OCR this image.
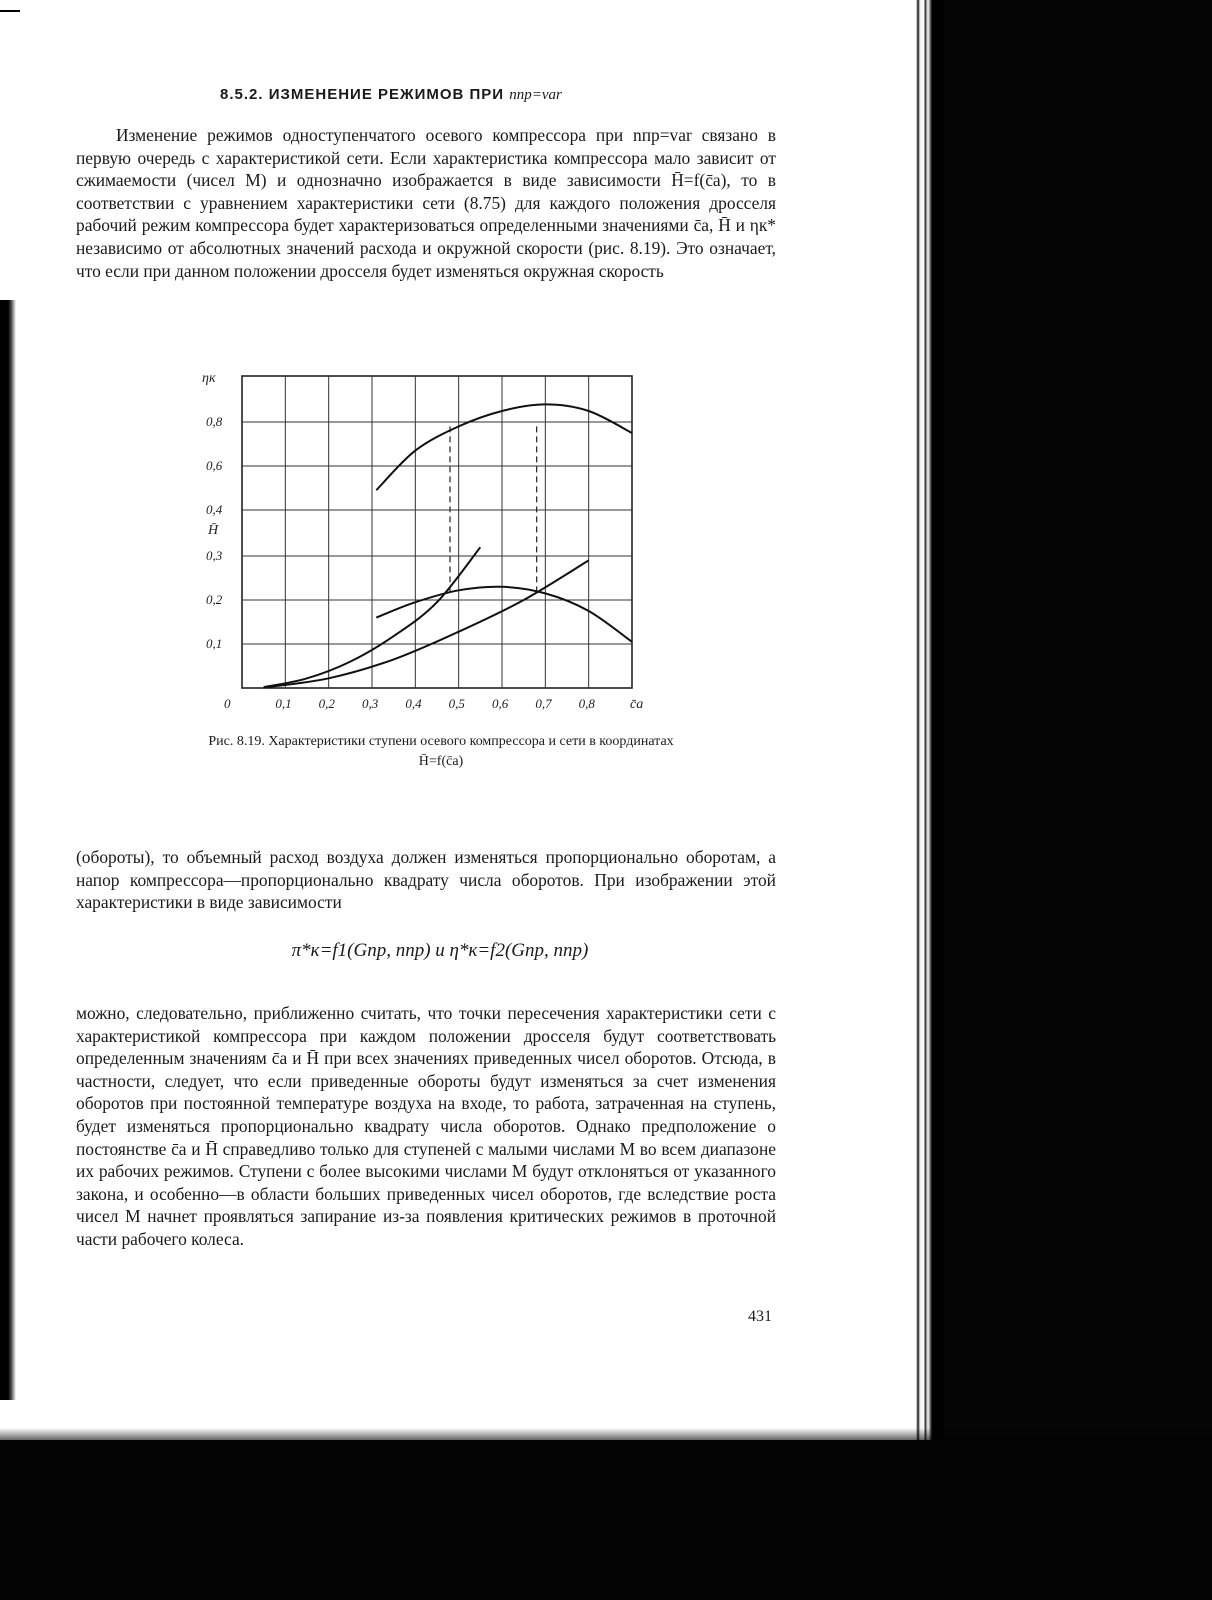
8.5.2. ИЗМЕНЕНИЕ РЕЖИМОВ ПРИ nпр=var
Изменение режимов одноступенчатого осевого компрессора при nпр=var связано в первую очередь с характеристикой сети. Если характеристика компрессора мало зависит от сжимаемости (чисел М) и однозначно изображается в виде зависимости H̄=f(c̄a), то в соответствии с уравнением характеристики сети (8.75) для каждого положения дросселя рабочий режим компрессора будет характеризоваться определенными значениями c̄a, H̄ и ηк* независимо от абсолютных значений расхода и окружной скорости (рис. 8.19). Это означает, что если при данном положении дросселя будет изменяться окружная скорость
0	0,1 0,2 0,3 0,4 0,5 0,6 0,7 0,8	c̄a
0,1
0,2
0,3
0,4
0,6
0,8
ηк
H̄
Рис. 8.19. Характеристики ступени осевого компрессора и сети в координатах H̄=f(c̄a)
(обороты), то объемный расход воздуха должен изменяться пропорционально оборотам, а напор компрессора—пропорционально квадрату числа оборотов. При изображении этой характеристики в виде зависимости
π*к=f1(Gпр, nпр) и η*к=f2(Gпр, nпр)
можно, следовательно, приближенно считать, что точки пересечения характеристики сети с характеристикой компрессора при каждом положении дросселя будут соответствовать определенным значениям c̄a и H̄ при всех значениях приведенных чисел оборотов. Отсюда, в частности, следует, что если приведенные обороты будут изменяться за счет изменения оборотов при постоянной температуре воздуха на входе, то работа, затраченная на ступень, будет изменяться пропорционально квадрату числа оборотов. Однако предположение о постоянстве c̄a и H̄ справедливо только для ступеней с малыми числами М во всем диапазоне их рабочих режимов. Ступени с более высокими числами М будут отклоняться от указанного закона, и особенно—в области больших приведенных чисел оборотов, где вследствие роста чисел М начнет проявляться запирание из-за появления критических режимов в проточной части рабочего колеса.
431
